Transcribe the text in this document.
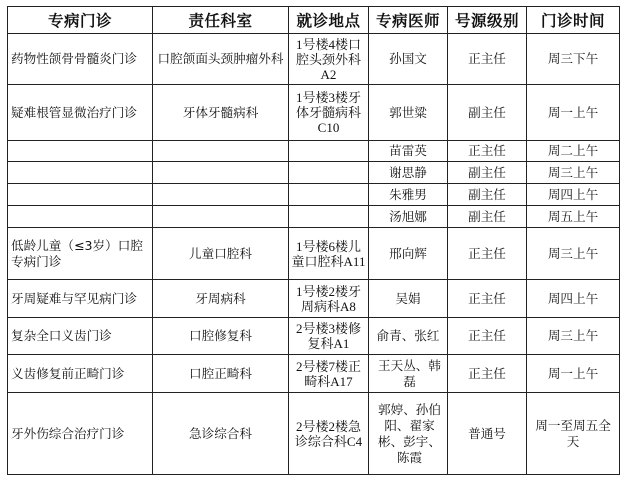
专病门诊	责任科室	就诊地点	专病医师	号源级别	门诊时间
药物性颌骨骨髓炎门诊	口腔颌面头颈肿瘤外科	1号楼4楼口腔头颈外科A2	孙国文	正主任	周三下午
疑难根管显微治疗门诊	牙体牙髓病科	1号楼3楼牙体牙髓病科C10	郭世粱	副主任	周一上午
			苗雷英	正主任	周二上午
			谢思静	副主任	周三上午
			朱雅男	副主任	周四上午
			汤旭娜	副主任	周五上午
低龄儿童（≤3岁）口腔专病门诊	儿童口腔科	1号楼6楼儿童口腔科A11	邢向辉	正主任	周三上午
牙周疑难与罕见病门诊	牙周病科	1号楼2楼牙周病科A8	吴娟	正主任	周四上午
复杂全口义齿门诊	口腔修复科	2号楼3楼修复科A1	俞青、张红	正主任	周三上午
义齿修复前正畸门诊	口腔正畸科	2号楼7楼正畸科A17	王天丛、韩磊	正主任	周一上午
牙外伤综合治疗门诊	急诊综合科	2号楼2楼急诊综合科C4	郭婷、孙伯阳、翟家彬、彭宇、陈霞	普通号	周一至周五全天
